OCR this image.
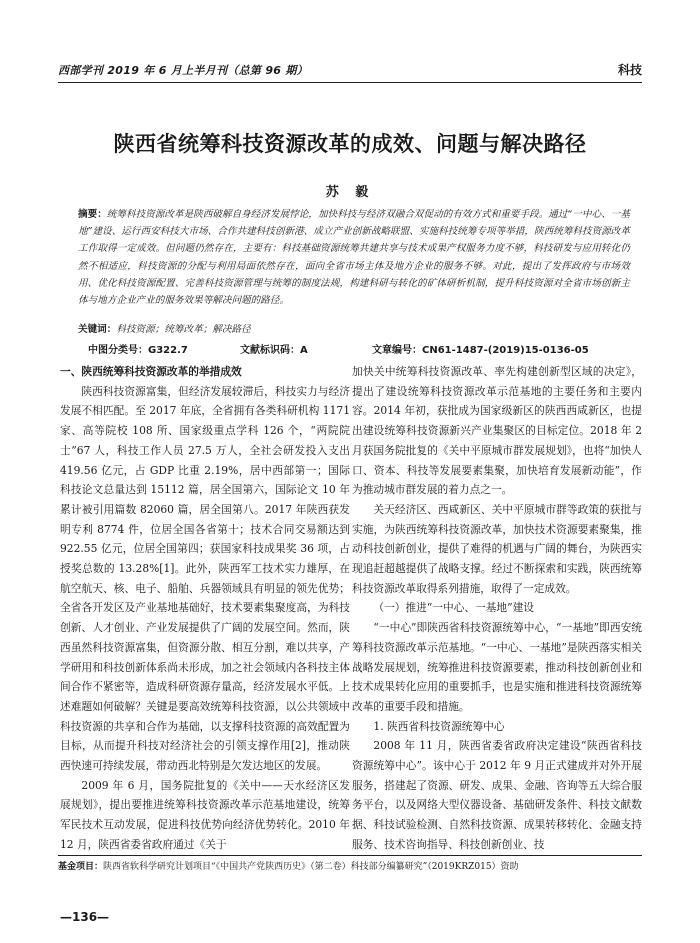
西部学刊 2019 年 6 月上半月刊（总第 96 期）	科技
陕西省统筹科技资源改革的成效、问题与解决路径
苏 毅
摘要：统筹科技资源改革是陕西破解自身经济发展悖论，加快科技与经济双融合双促动的有效方式和重要手段。通过“一中心、一基地”建设、运行西安科技大市场、合作共建科技创新港、成立产业创新战略联盟、实施科技统筹专项等举措，陕西统筹科技资源改革工作取得一定成效。但问题仍然存在，主要有：科技基础资源统筹共建共享与技术成果产权服务力度不够，科技研发与应用转化仍然不相适应，科技资源的分配与利用局面依然存在，面向全省市场主体及地方企业的服务不够。对此，提出了发挥政府与市场效用、优化科技资源配置、完善科技资源管理与统筹的制度法规，构建科研与转化的矿体研析机制，提升科技资源对全省市场创新主体与地方企业产业的服务效果等解决问题的路径。
关键词：科技资源；统筹改革；解决路径
中图分类号：G322.7	文献标识码：A	文章编号：CN61-1487-(2019)15-0136-05
一、陕西统筹科技资源改革的举措成效

陕西科技资源富集，但经济发展较滞后，科技实力与经济发展不相匹配。至 2017 年底，全省拥有各类科研机构 1171 家、高等院校 108 所、国家级重点学科 126 个，“两院院士”67 人，科技工作人员 27.5 万人，全社会研发投入支出 419.56 亿元，占 GDP 比重 2.19%，居中西部第一；国际科技论文总量达到 15112 篇，居全国第六，国际论文 10 年累计被引用篇数 82060 篇，居全国第八。2017 年陕西获发明专利 8774 件，位居全国各省第十；技术合同交易额达到 922.55 亿元，位居全国第四；获国家科技成果奖 36 项，占授奖总数的 13.28%[1]。此外，陕西军工技术实力雄厚，在航空航天、核、电子、船舶、兵器领域具有明显的领先优势；全省各开发区及产业基地基础好，技术要素集聚度高，为科技创新、人才创业、产业发展提供了广阔的发展空间。然而，陕西虽然科技资源富集，但资源分散、相互分割，难以共享，产学研用和科技创新体系尚未形成，加之社会领域内各科技主体间合作不紧密等，造成科研资源存量高，经济发展水平低。上述难题如何破解？关键是要高效统筹科技资源，以公共领域中科技资源的共享和合作为基础，以支撑科技资源的高效配置为目标，从而提升科技对经济社会的引领支撑作用[2]，推动陕西快速可持续发展，带动西北特别是欠发达地区的发展。

2009 年 6 月，国务院批复的《关中——天水经济区发展规划》，提出要推进统筹科技资源改革示范基地建设，统筹军民技术互动发展，促进科技优势向经济优势转化。2010 年 12 月，陕西省委省政府通过《关于

加快关中统筹科技资源改革、率先构建创新型区域的决定》，提出了建设统筹科技资源改革示范基地的主要任务和主要内容。2014 年初，获批成为国家级新区的陕西西咸新区，也提出建设统筹科技资源新兴产业集聚区的目标定位。2018 年 2 月获国务院批复的《关中平原城市群发展规划》，也将“加快人口、资本、科技等发展要素集聚，加快培育发展新动能”，作为推动城市群发展的着力点之一。

关天经济区、西咸新区、关中平原城市群等政策的获批与实施，为陕西统筹科技资源改革，加快技术资源要素聚集，推动科技创新创业，提供了难得的机遇与广阔的舞台，为陕西实现追赶超越提供了战略支撑。经过不断探索和实践，陕西统筹科技资源改革取得系列措施，取得了一定成效。

（一）推进“一中心、一基地”建设

“一中心”即陕西省科技资源统筹中心，“一基地”即西安统筹科技资源改革示范基地。“一中心、一基地”是陕西落实相关战略发展规划，统筹推进科技资源要素，推动科技创新创业和技术成果转化应用的重要抓手，也是实施和推进科技资源统筹改革的重要手段和措施。

1. 陕西省科技资源统筹中心

2008 年 11 月，陕西省委省政府决定建设“陕西省科技资源统筹中心”。该中心于 2012 年 9 月正式建成并对外开展服务，搭建起了资源、研发、成果、金融、咨询等五大综合服务平台，以及网络大型仪器设备、基础研发条件、科技文献数据、科技试验检测、自然科技资源、成果转移转化、金融支持服务、技术咨询指导、科技创新创业、技

基金项目：陕西省软科学研究计划项目“《中国共产党陕西历史》（第二卷）科技部分编纂研究”（2019KRZ015）资助
—136—
